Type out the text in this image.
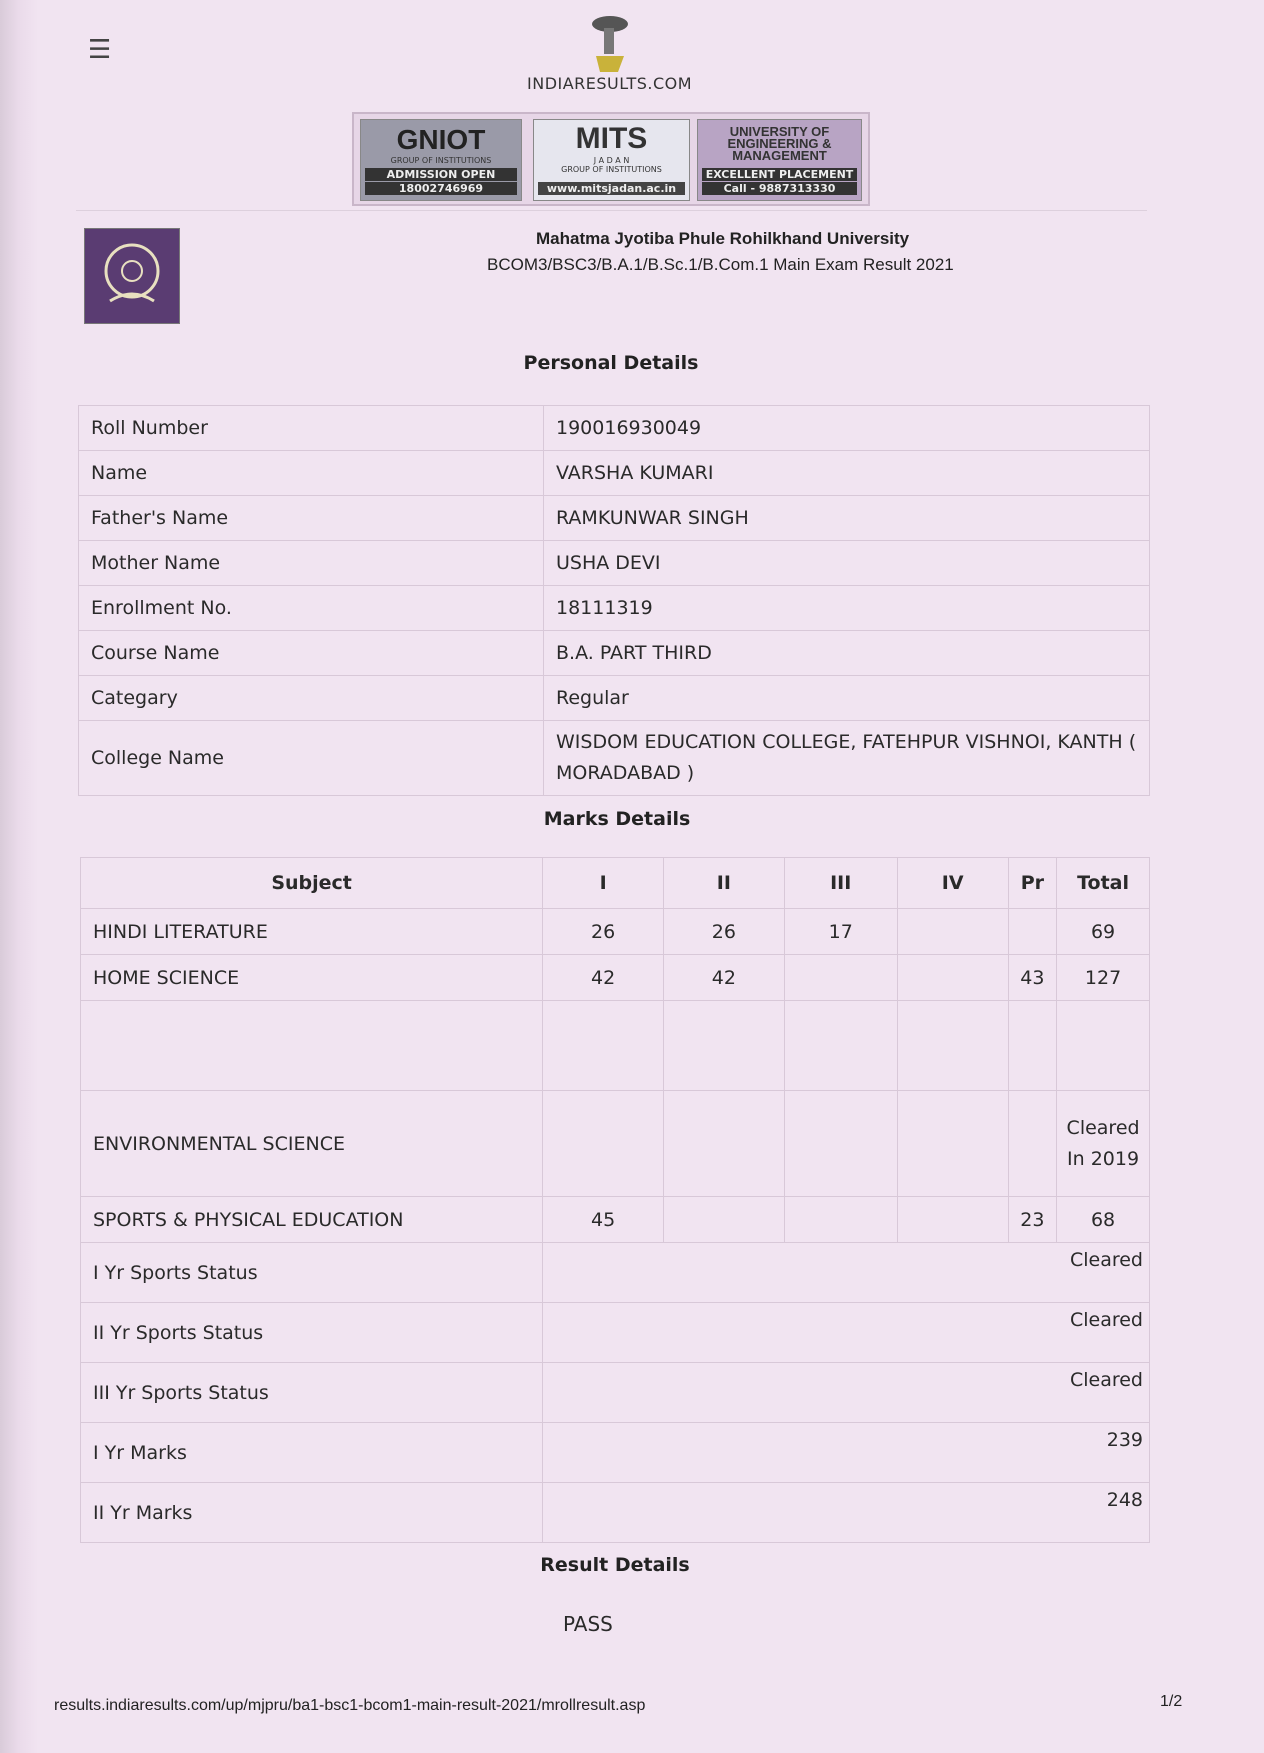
☰
INDIARESULTS.COM
GNIOT
GROUP OF INSTITUTIONS
ADMISSION OPEN
18002746969
MITS
J A D A N
GROUP OF INSTITUTIONS
www.mitsjadan.ac.in
UNIVERSITY OF ENGINEERING & MANAGEMENT
EXCELLENT PLACEMENT
Call - 9887313330
Mahatma Jyotiba Phule Rohilkhand University
BCOM3/BSC3/B.A.1/B.Sc.1/B.Com.1 Main Exam Result 2021
Personal Details
Roll Number	190016930049
Name	VARSHA KUMARI
Father's Name	RAMKUNWAR SINGH
Mother Name	USHA DEVI
Enrollment No.	18111319
Course Name	B.A. PART THIRD
Categary	Regular
College Name	WISDOM EDUCATION COLLEGE, FATEHPUR VISHNOI, KANTH ( MORADABAD )
Marks Details
Subject	I	II	III	IV	Pr	Total
HINDI LITERATURE	26	26	17			69
HOME SCIENCE	42	42			43	127

ENVIRONMENTAL SCIENCE						Cleared In 2019
SPORTS & PHYSICAL EDUCATION	45				23	68
I Yr Sports Status	Cleared					
II Yr Sports Status	Cleared					
III Yr Sports Status	Cleared					
I Yr Marks	239					
II Yr Marks	248					
Result Details
PASS
results.indiaresults.com/up/mjpru/ba1-bsc1-bcom1-main-result-2021/mrollresult.asp	1/2
